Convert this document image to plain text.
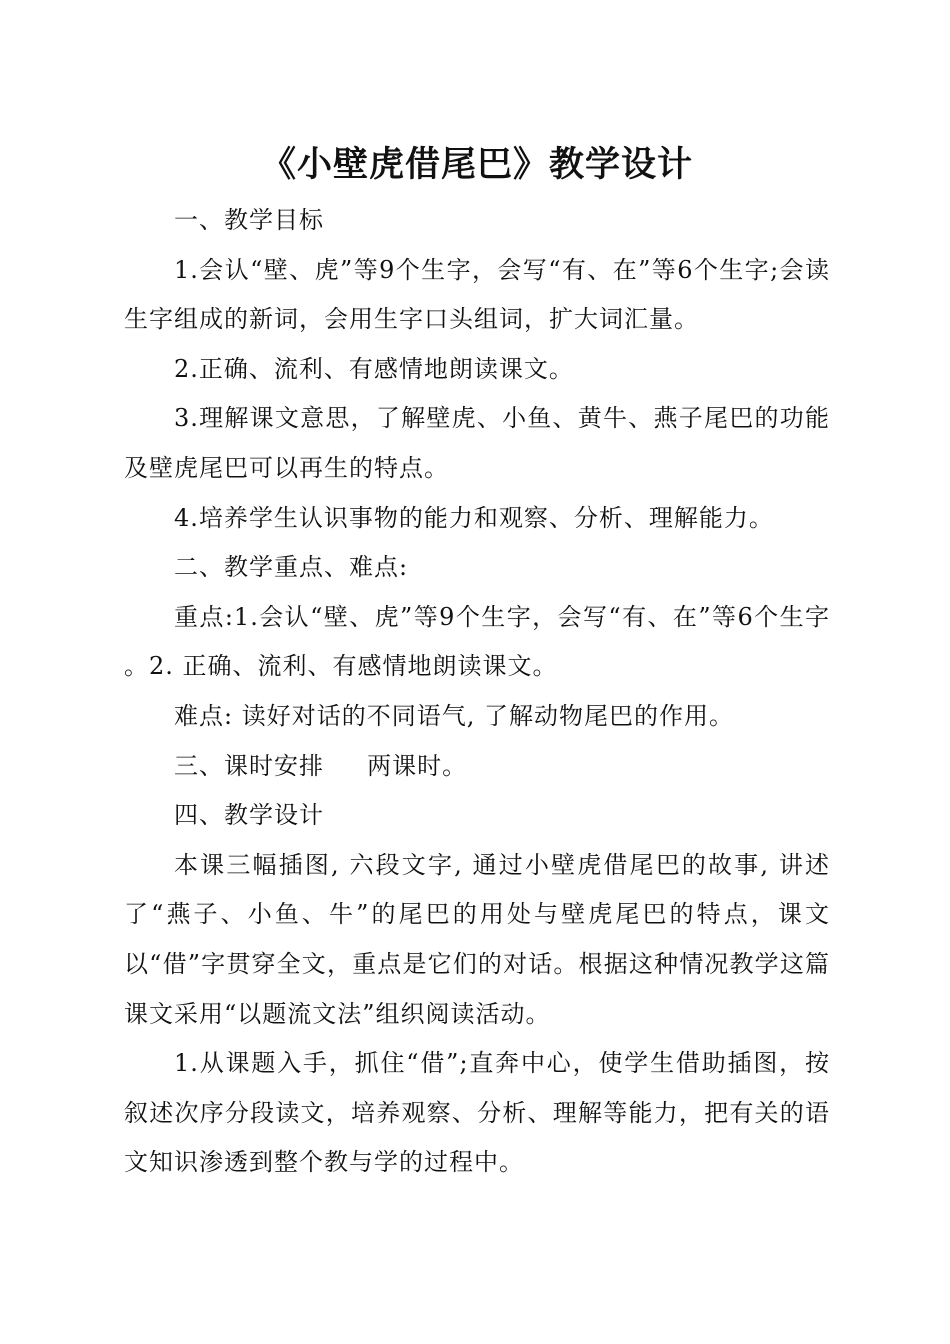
《小壁虎借尾巴》教学设计

一、教学目标

1.会认“壁、虎”等9个生字，会写“有、在”等6个生字;会读生字组成的新词，会用生字口头组词，扩大词汇量。

2.正确、流利、有感情地朗读课文。

3.理解课文意思，了解壁虎、小鱼、黄牛、燕子尾巴的功能及壁虎尾巴可以再生的特点。

4.培养学生认识事物的能力和观察、分析、理解能力。

二、教学重点、难点:

重点:1.会认“壁、虎”等9个生字，会写“有、在”等6个生字 。2. 正确、流利、有感情地朗读课文。

难点: 读好对话的不同语气, 了解动物尾巴的作用。

三、课时安排     两课时。

四、教学设计

本课三幅插图, 六段文字, 通过小壁虎借尾巴的故事, 讲述了“燕子、小鱼、牛”的尾巴的用处与壁虎尾巴的特点，课文以“借”字贯穿全文，重点是它们的对话。根据这种情况教学这篇课文采用“以题流文法”组织阅读活动。

1.从课题入手，抓住“借”;直奔中心，使学生借助插图，按叙述次序分段读文，培养观察、分析、理解等能力，把有关的语文知识渗透到整个教与学的过程中。
